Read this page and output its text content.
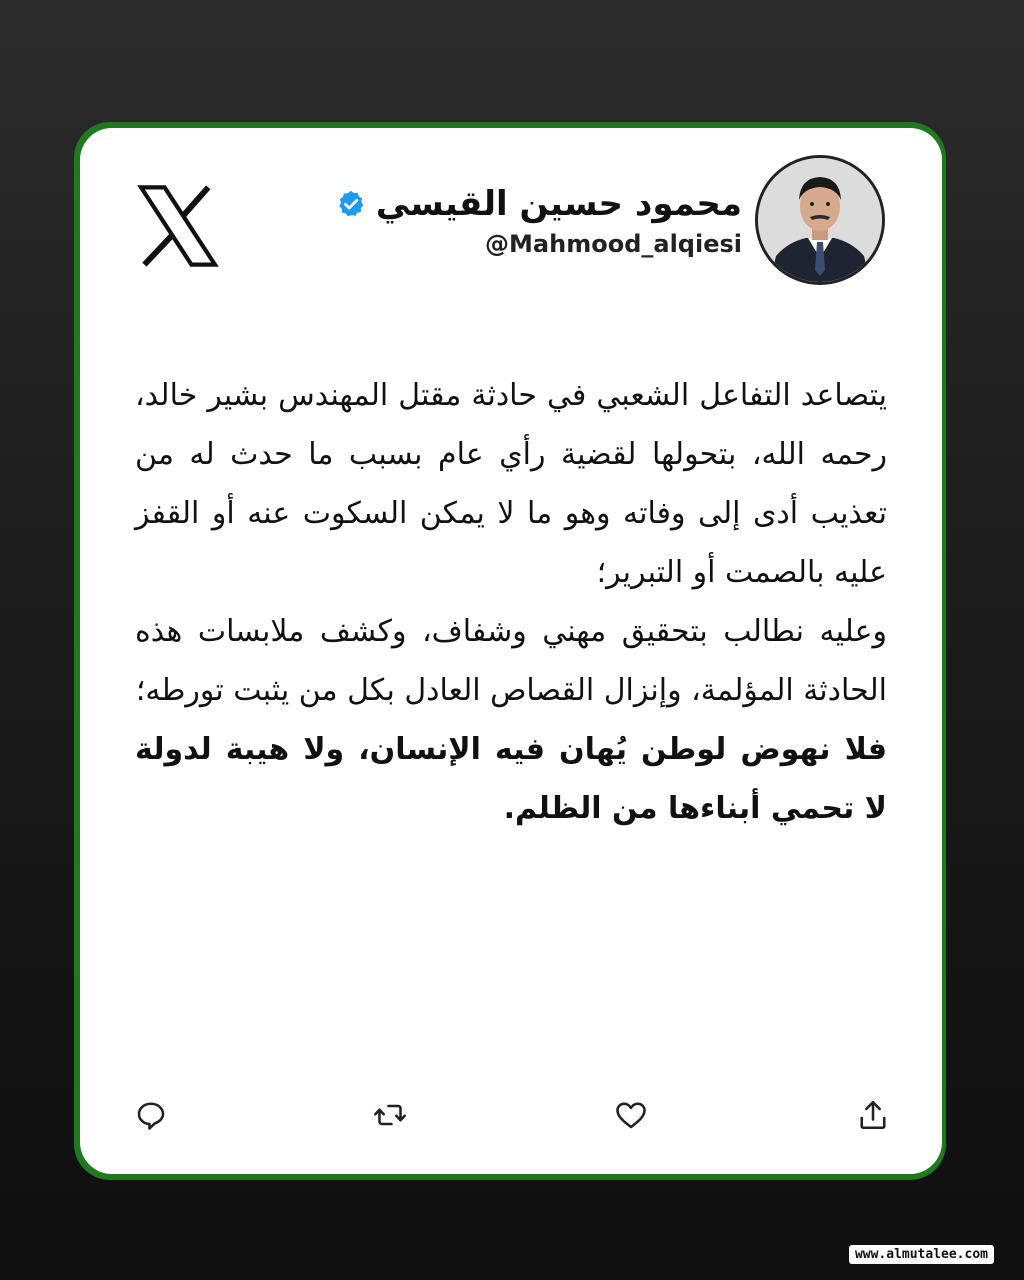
محمود حسين القيسي
@Mahmood_alqiesi

يتصاعد التفاعل الشعبي في حادثة مقتل المهندس بشير خالد، رحمه الله، بتحولها لقضية رأي عام بسبب ما حدث له من تعذيب أدى إلى وفاته وهو ما لا يمكن السكوت عنه أو القفز عليه بالصمت أو التبرير؛

وعليه نطالب بتحقيق مهني وشفاف، وكشف ملابسات هذه الحادثة المؤلمة، وإنزال القصاص العادل بكل من يثبت تورطه؛

فلا نهوض لوطن يُهان فيه الإنسان، ولا هيبة لدولة لا تحمي أبناءها من الظلم.

www.almutalee.com
